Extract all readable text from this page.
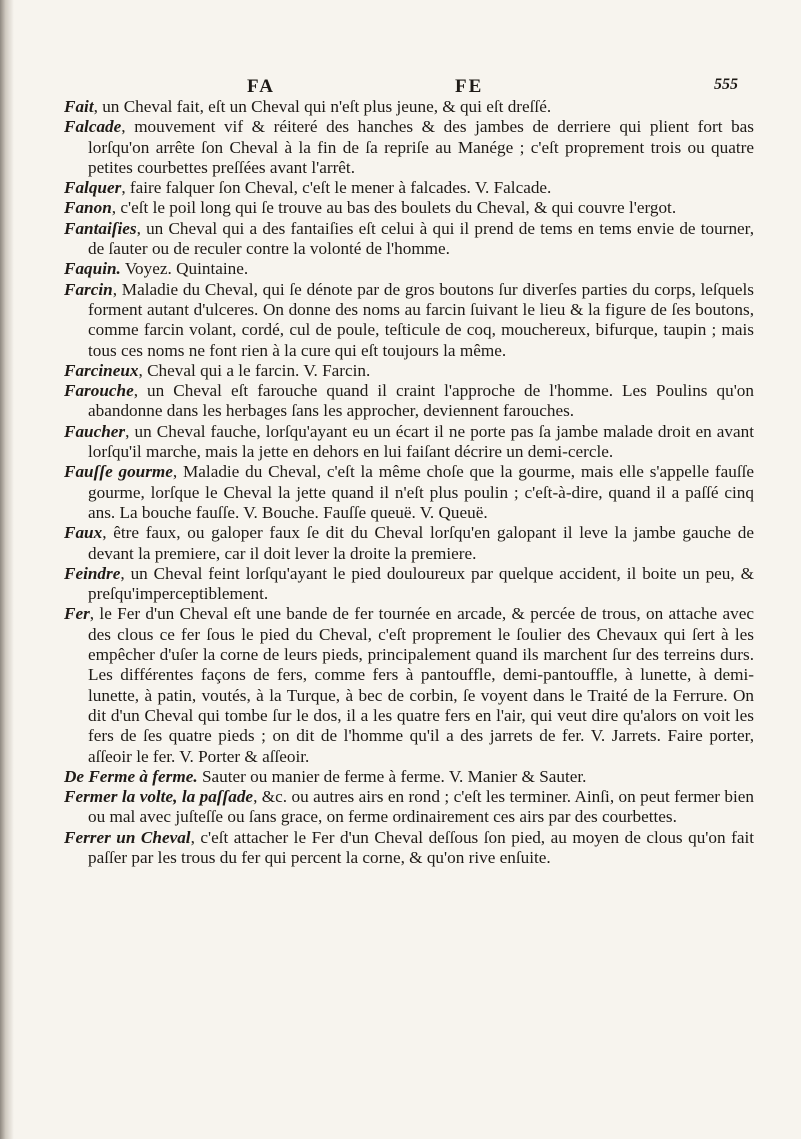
FA	FE	555

Fait, un Cheval fait, eſt un Cheval qui n'eſt plus jeune, & qui eſt dreſſé.

Falcade, mouvement vif & réiteré des hanches & des jambes de derriere qui plient fort bas lorſqu'on arrête ſon Cheval à la fin de ſa repriſe au Manége ; c'eſt proprement trois ou quatre petites courbettes preſſées avant l'arrêt.

Falquer, faire falquer ſon Cheval, c'eſt le mener à falcades. V. Falcade.

Fanon, c'eſt le poil long qui ſe trouve au bas des boulets du Cheval, & qui couvre l'ergot.

Fantaiſies, un Cheval qui a des fantaiſies eſt celui à qui il prend de tems en tems envie de tourner, de ſauter ou de reculer contre la volonté de l'homme.

Faquin. Voyez. Quintaine.

Farcin, Maladie du Cheval, qui ſe dénote par de gros boutons ſur diverſes parties du corps, leſquels forment autant d'ulceres. On donne des noms au farcin ſuivant le lieu & la figure de ſes boutons, comme farcin volant, cordé, cul de poule, teſticule de coq, mouchereux, bifurque, taupin ; mais tous ces noms ne font rien à la cure qui eſt toujours la même.

Farcineux, Cheval qui a le farcin. V. Farcin.

Farouche, un Cheval eſt farouche quand il craint l'approche de l'homme. Les Poulins qu'on abandonne dans les herbages ſans les approcher, deviennent farouches.

Faucher, un Cheval fauche, lorſqu'ayant eu un écart il ne porte pas ſa jambe malade droit en avant lorſqu'il marche, mais la jette en dehors en lui faiſant décrire un demi-cercle.

Fauſſe gourme, Maladie du Cheval, c'eſt la même choſe que la gourme, mais elle s'appelle fauſſe gourme, lorſque le Cheval la jette quand il n'eſt plus poulin ; c'eſt-à-dire, quand il a paſſé cinq ans. La bouche fauſſe. V. Bouche. Fauſſe queuë. V. Queuë.

Faux, être faux, ou galoper faux ſe dit du Cheval lorſqu'en galopant il leve la jambe gauche de devant la premiere, car il doit lever la droite la premiere.

Feindre, un Cheval feint lorſqu'ayant le pied douloureux par quelque accident, il boite un peu, & preſqu'imperceptiblement.

Fer, le Fer d'un Cheval eſt une bande de fer tournée en arcade, & percée de trous, on attache avec des clous ce fer ſous le pied du Cheval, c'eſt proprement le ſoulier des Chevaux qui ſert à les empêcher d'uſer la corne de leurs pieds, principalement quand ils marchent ſur des terreins durs. Les différentes façons de fers, comme fers à pantouffle, demi-pantouffle, à lunette, à demi-lunette, à patin, voutés, à la Turque, à bec de corbin, ſe voyent dans le Traité de la Ferrure. On dit d'un Cheval qui tombe ſur le dos, il a les quatre fers en l'air, qui veut dire qu'alors on voit les fers de ſes quatre pieds ; on dit de l'homme qu'il a des jarrets de fer. V. Jarrets. Faire porter, aſſeoir le fer. V. Porter & aſſeoir.

De Ferme à ferme. Sauter ou manier de ferme à ferme. V. Manier & Sauter.

Fermer la volte, la paſſade, &c. ou autres airs en rond ; c'eſt les terminer. Ainſi, on peut fermer bien ou mal avec juſteſſe ou ſans grace, on ferme ordinairement ces airs par des courbettes.

Ferrer un Cheval, c'eſt attacher le Fer d'un Cheval deſſous ſon pied, au moyen de clous qu'on fait paſſer par les trous du fer qui percent la corne, & qu'on rive enſuite.
